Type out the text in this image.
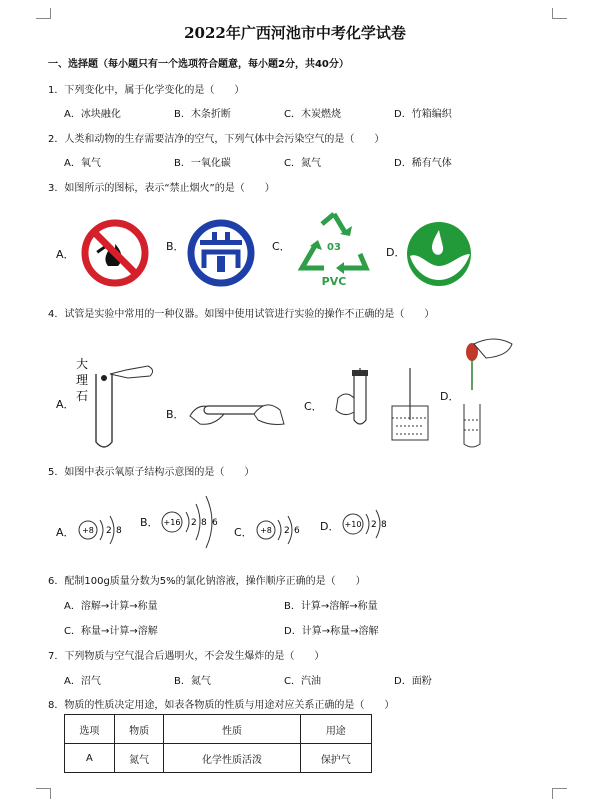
2022年广西河池市中考化学试卷
一、选择题（每小题只有一个选项符合题意，每小题2分，共40分）
1．下列变化中，属于化学变化的是（　　）
A．冰块融化	B．木条折断	C．木炭燃烧	D．竹箱编织
2．人类和动物的生存需要洁净的空气，下列气体中会污染空气的是（　　）
A．氧气	B．一氧化碳	C．氮气	D．稀有气体
3．如图所示的图标，表示“禁止烟火”的是（　　）
A．
B．	C．	03
PVC
D．
4．试管是实验中常用的一种仪器。如图中使用试管进行实验的操作不正确的是（　　）
A．
大
理
石
B．
C．
D．
5．如图中表示氧原子结构示意图的是（　　）
A． +8 2 8
B． +16 2 8 6
C． +8 2 6 D． +10 2 8
6．配制100g质量分数为5%的氯化钠溶液，操作顺序正确的是（　　）
A．溶解→计算→称量	B．计算→溶解→称量
C．称量→计算→溶解	D．计算→称量→溶解
7．下列物质与空气混合后遇明火，不会发生爆炸的是（　　）
A．沼气	B．氮气	C．汽油	D．面粉
8．物质的性质决定用途，如表各物质的性质与用途对应关系正确的是（　　）
选项	物质	性质	用途
A	氮气	化学性质活泼	保护气
